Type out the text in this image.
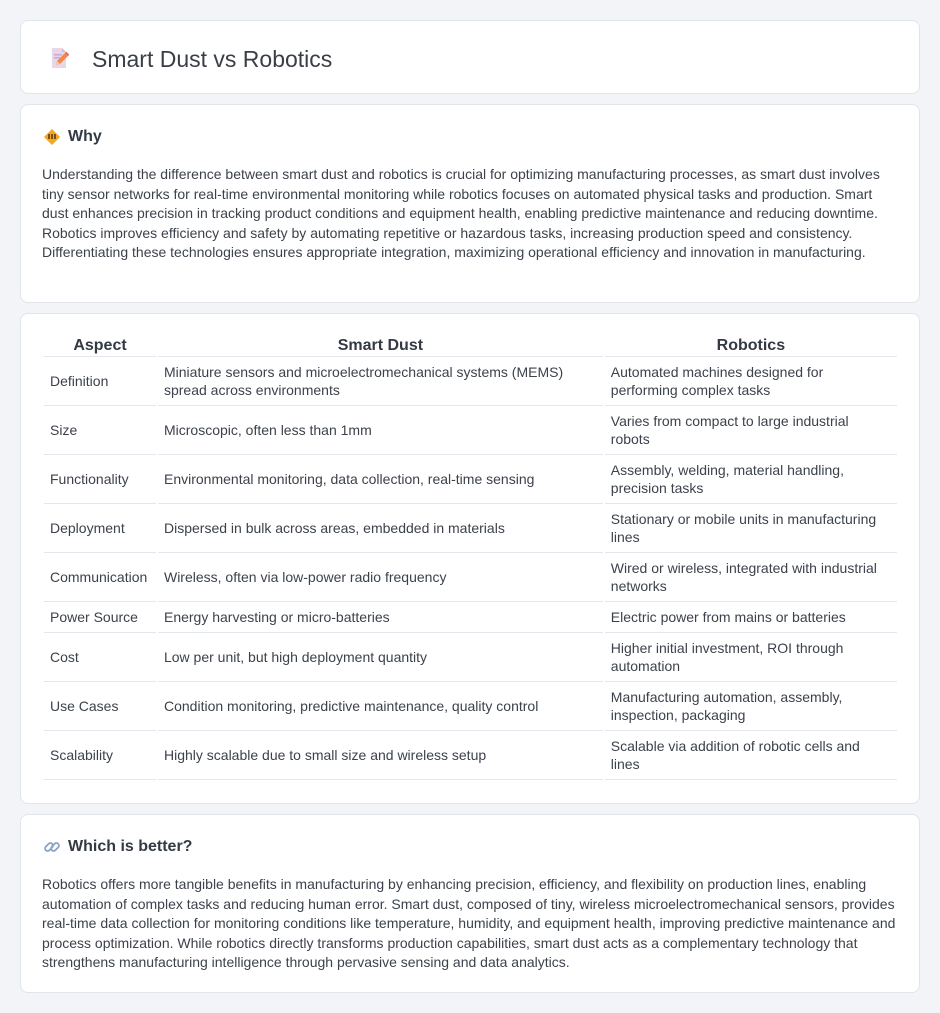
Smart Dust vs Robotics
Why

Understanding the difference between smart dust and robotics is crucial for optimizing manufacturing processes, as smart dust involves tiny sensor networks for real-time environmental monitoring while robotics focuses on automated physical tasks and production. Smart dust enhances precision in tracking product conditions and equipment health, enabling predictive maintenance and reducing downtime. Robotics improves efficiency and safety by automating repetitive or hazardous tasks, increasing production speed and consistency. Differentiating these technologies ensures appropriate integration, maximizing operational efficiency and innovation in manufacturing.

Aspect	Smart Dust	Robotics
Definition	Miniature sensors and microelectromechanical systems (MEMS) spread across environments	Automated machines designed for performing complex tasks
Size	Microscopic, often less than 1mm	Varies from compact to large industrial robots
Functionality	Environmental monitoring, data collection, real-time sensing	Assembly, welding, material handling, precision tasks
Deployment	Dispersed in bulk across areas, embedded in materials	Stationary or mobile units in manufacturing lines
Communication	Wireless, often via low-power radio frequency	Wired or wireless, integrated with industrial networks
Power Source	Energy harvesting or micro-batteries	Electric power from mains or batteries
Cost	Low per unit, but high deployment quantity	Higher initial investment, ROI through automation
Use Cases	Condition monitoring, predictive maintenance, quality control	Manufacturing automation, assembly, inspection, packaging
Scalability	Highly scalable due to small size and wireless setup	Scalable via addition of robotic cells and lines
Which is better?

Robotics offers more tangible benefits in manufacturing by enhancing precision, efficiency, and flexibility on production lines, enabling automation of complex tasks and reducing human error. Smart dust, composed of tiny, wireless microelectromechanical sensors, provides real-time data collection for monitoring conditions like temperature, humidity, and equipment health, improving predictive maintenance and process optimization. While robotics directly transforms production capabilities, smart dust acts as a complementary technology that strengthens manufacturing intelligence through pervasive sensing and data analytics.
